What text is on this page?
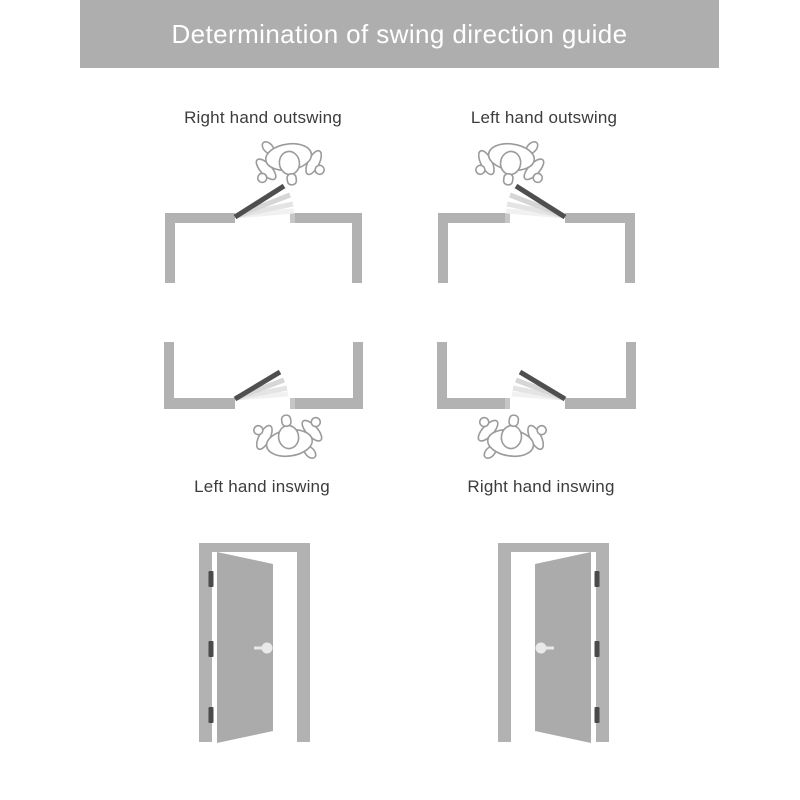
Determination of swing direction guide
Right hand outswing	Left hand outswing
Left hand inswing	Right hand inswing
